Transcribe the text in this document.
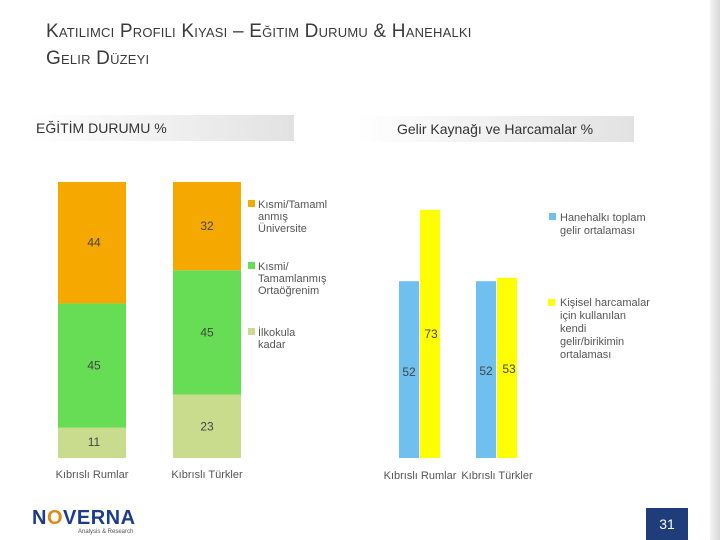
Katılımcı Profili Kıyası – Eğitim Durumu & Hanehalkı
Gelir Düzeyi
EĞİTİM DURUMU %	Gelir Kaynağı ve Harcamalar %
11
45
44
Kıbrıslı Rumlar
23
45
32
Kıbrıslı Türkler
Kısmi/Tamaml anmış Üniversite
Kısmi/ Tamamlanmış Ortaöğrenim
İlkokula kadar
52
73
52 53
Kıbrıslı Rumlar Kıbrıslı Türkler
Hanehalkı toplam gelir ortalaması
Kişisel harcamalar için kullanılan kendi gelir/birikimin ortalaması
NOVERNA
Analysis & Research	31
